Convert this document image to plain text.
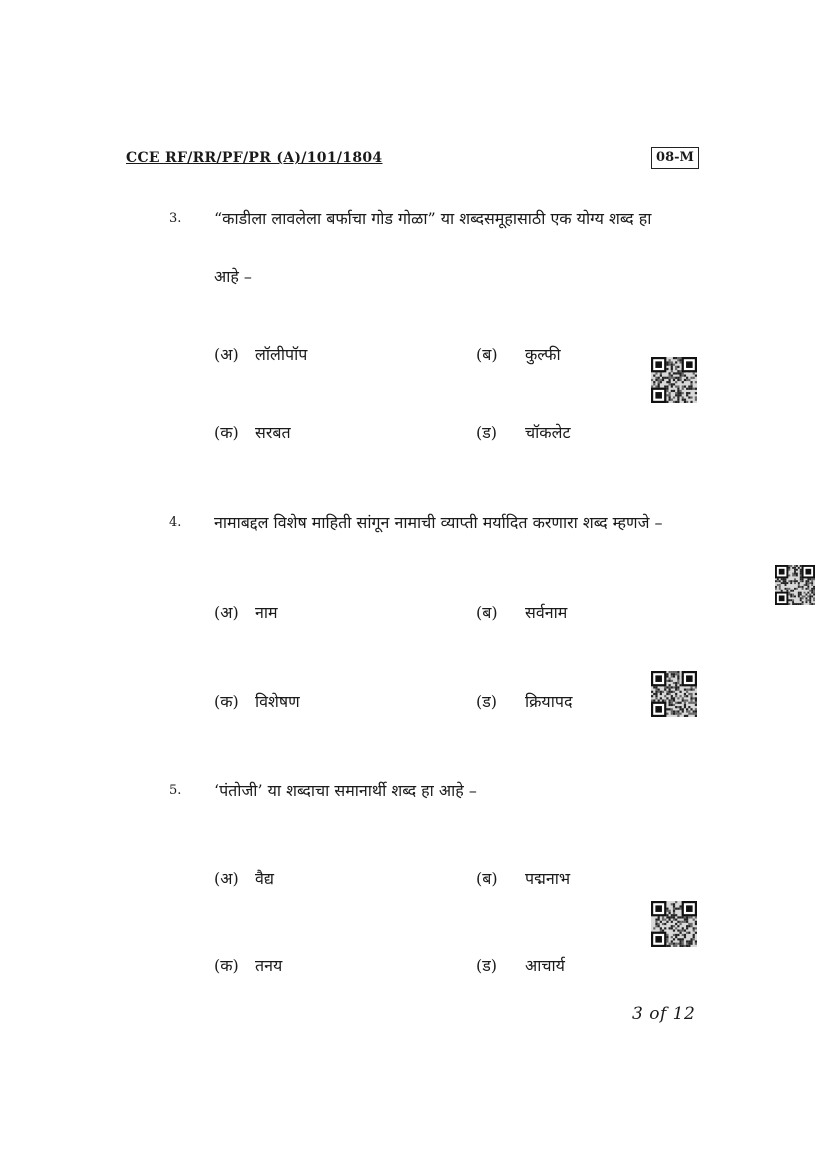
CCE RF/RR/PF/PR (A)/101/1804	08-M
3. “काडीला लावलेला बर्फाचा गोड गोळा” या शब्दसमूहासाठी एक योग्य शब्द हा
आहे –
(अ) लॉलीपॉप	(ब) कुल्फी
(क) सरबत	(ड) चॉकलेट
4. नामाबद्दल विशेष माहिती सांगून नामाची व्याप्ती मर्यादित करणारा शब्द म्हणजे –
(अ) नाम	(ब) सर्वनाम
(क) विशेषण	(ड) क्रियापद
5. ‘पंतोजी’ या शब्दाचा समानार्थी शब्द हा आहे –
(अ) वैद्य	(ब) पद्मनाभ
(क) तनय	(ड) आचार्य
3 of 12
